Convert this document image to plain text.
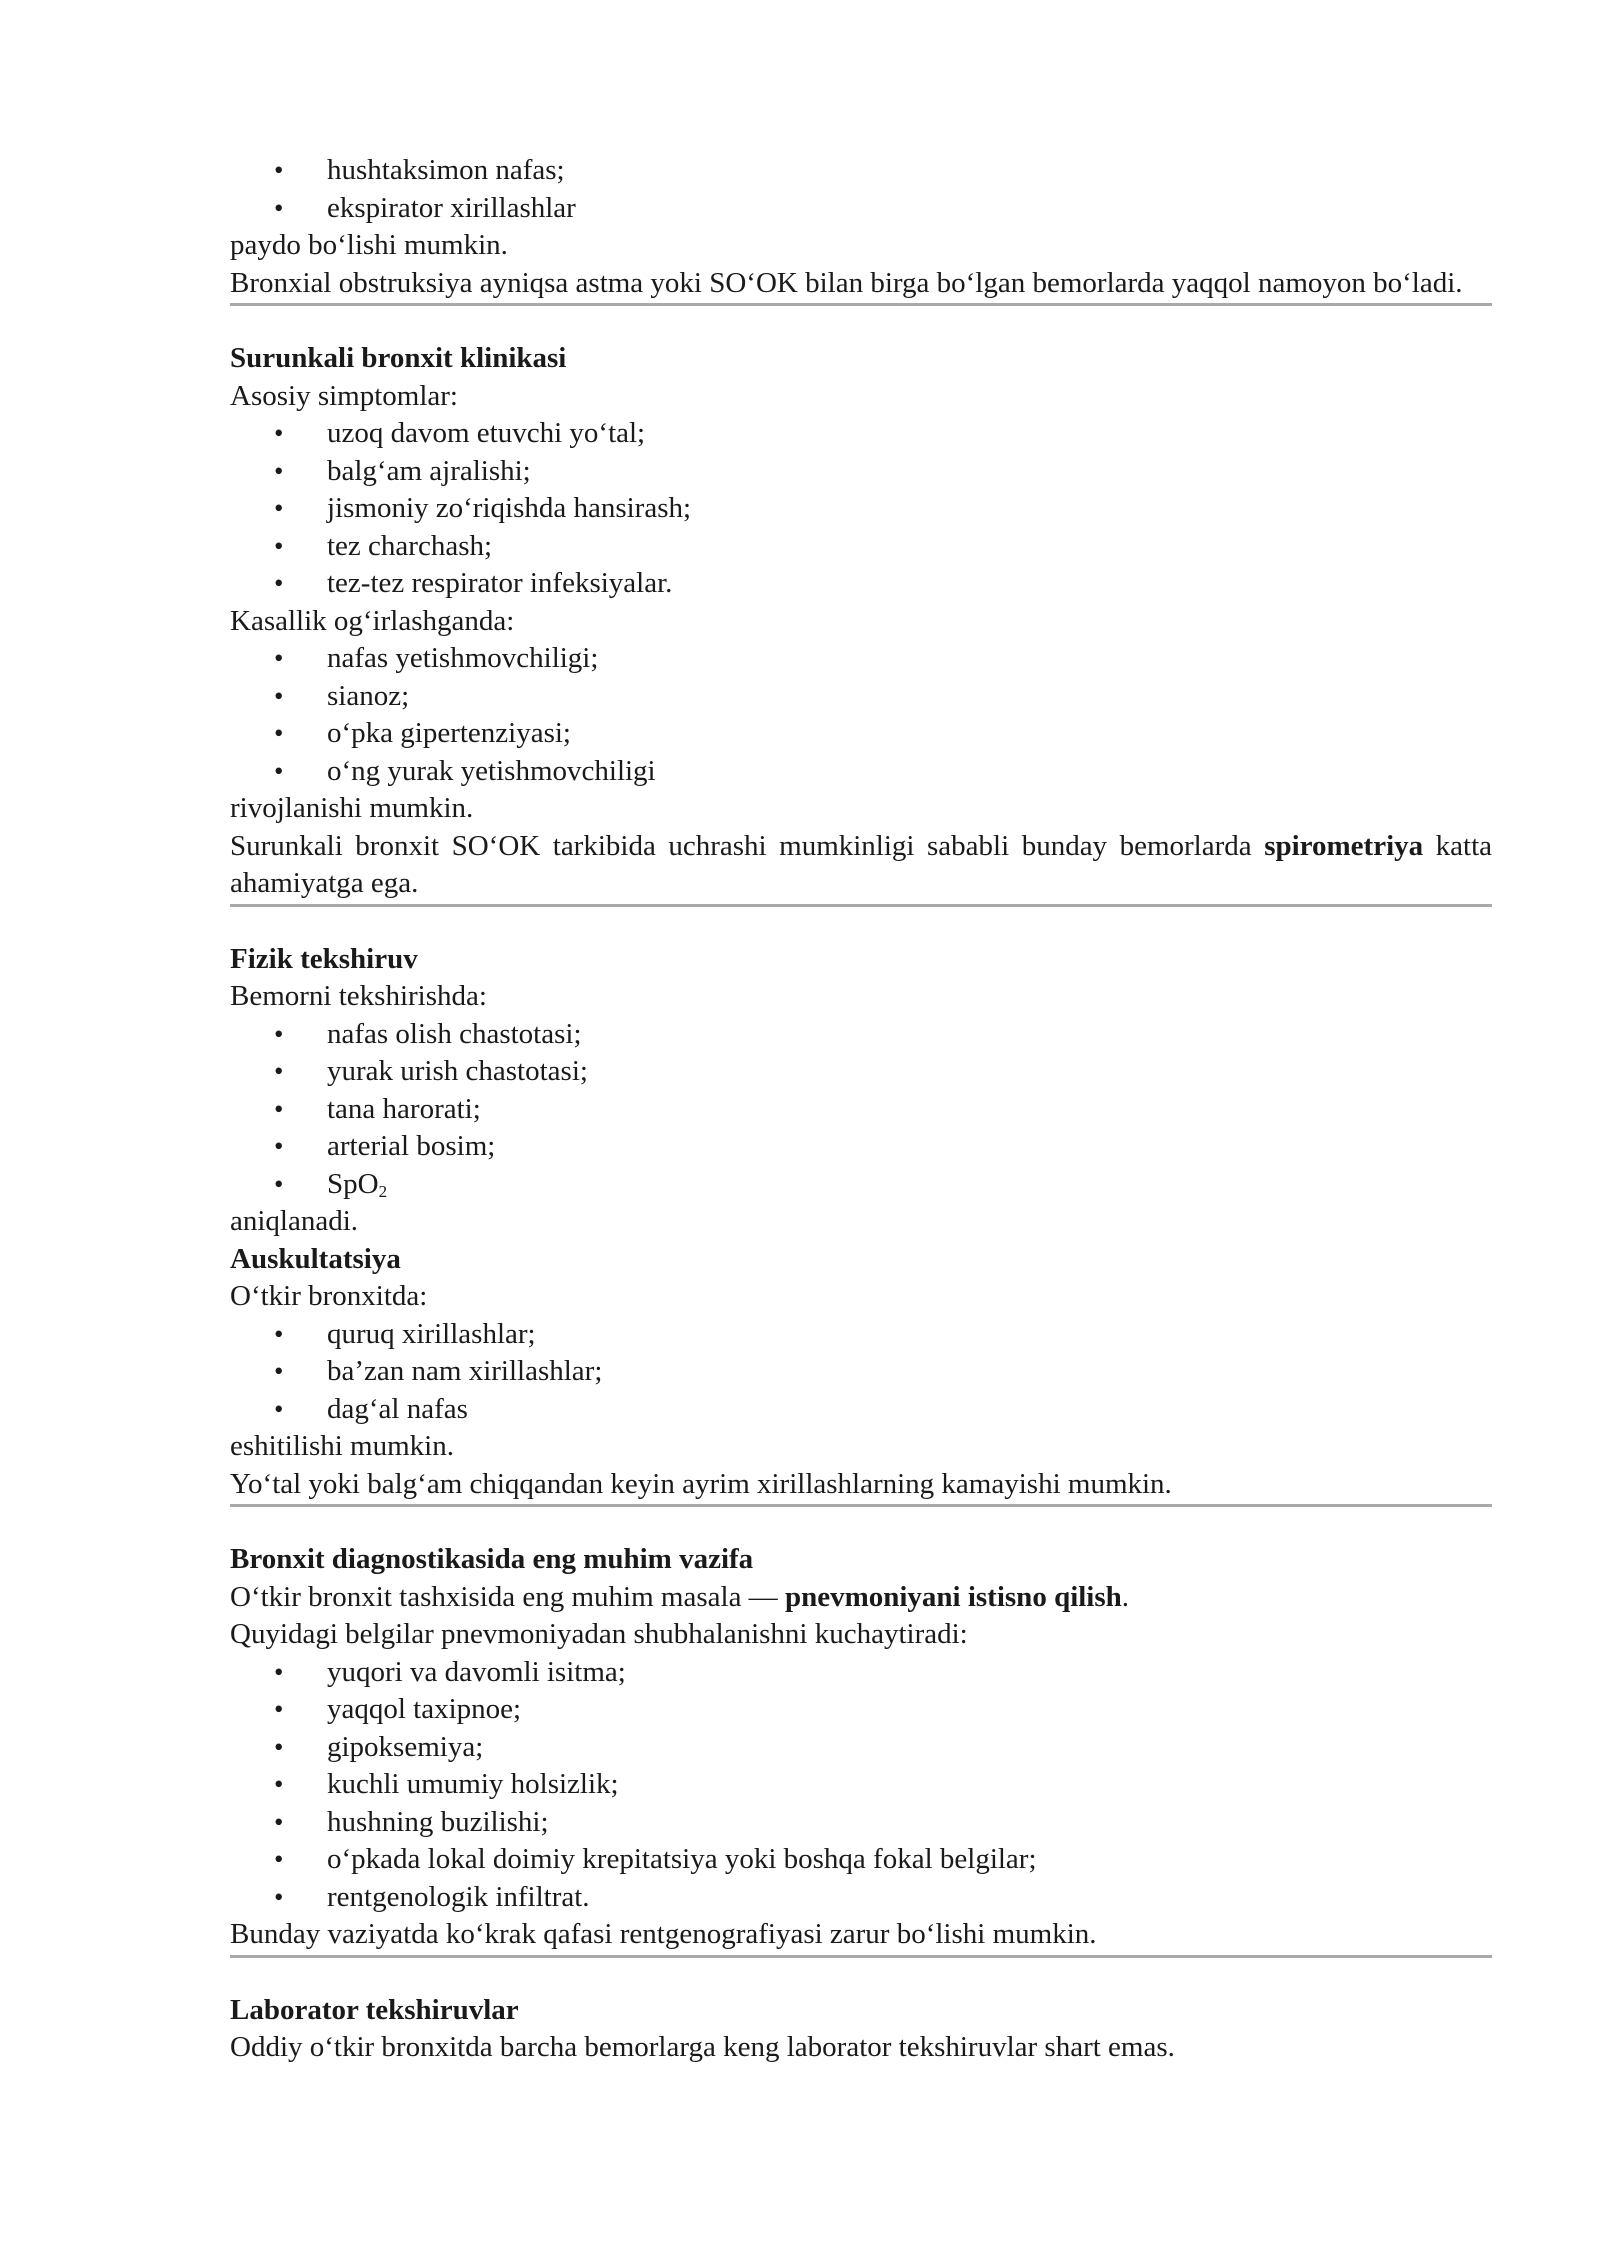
• hushtaksimon nafas;
• ekspirator xirillashlar

paydo bo‘lishi mumkin.

Bronxial obstruksiya ayniqsa astma yoki SO‘OK bilan birga bo‘lgan bemorlarda yaqqol namoyon bo‘ladi.

Surunkali bronxit klinikasi

Asosiy simptomlar:

• uzoq davom etuvchi yo‘tal;
• balg‘am ajralishi;
• jismoniy zo‘riqishda hansirash;
• tez charchash;
• tez-tez respirator infeksiyalar.

Kasallik og‘irlashganda:

• nafas yetishmovchiligi;
• sianoz;
• o‘pka gipertenziyasi;
• o‘ng yurak yetishmovchiligi

rivojlanishi mumkin.

Surunkali bronxit SO‘OK tarkibida uchrashi mumkinligi sababli bunday bemorlarda spirometriya katta ahamiyatga ega.

Fizik tekshiruv

Bemorni tekshirishda:

• nafas olish chastotasi;
• yurak urish chastotasi;
• tana harorati;
• arterial bosim;
• SpO$_2$

aniqlanadi.

Auskultatsiya

O‘tkir bronxitda:

• quruq xirillashlar;
• ba’zan nam xirillashlar;
• dag‘al nafas

eshitilishi mumkin.

Yo‘tal yoki balg‘am chiqqandan keyin ayrim xirillashlarning kamayishi mumkin.

Bronxit diagnostikasida eng muhim vazifa

O‘tkir bronxit tashxisida eng muhim masala — pnevmoniyani istisno qilish.

Quyidagi belgilar pnevmoniyadan shubhalanishni kuchaytiradi:

• yuqori va davomli isitma;
• yaqqol taxipnoe;
• gipoksemiya;
• kuchli umumiy holsizlik;
• hushning buzilishi;
• o‘pkada lokal doimiy krepitatsiya yoki boshqa fokal belgilar;
• rentgenologik infiltrat.

Bunday vaziyatda ko‘krak qafasi rentgenografiyasi zarur bo‘lishi mumkin.

Laborator tekshiruvlar

Oddiy o‘tkir bronxitda barcha bemorlarga keng laborator tekshiruvlar shart emas.
